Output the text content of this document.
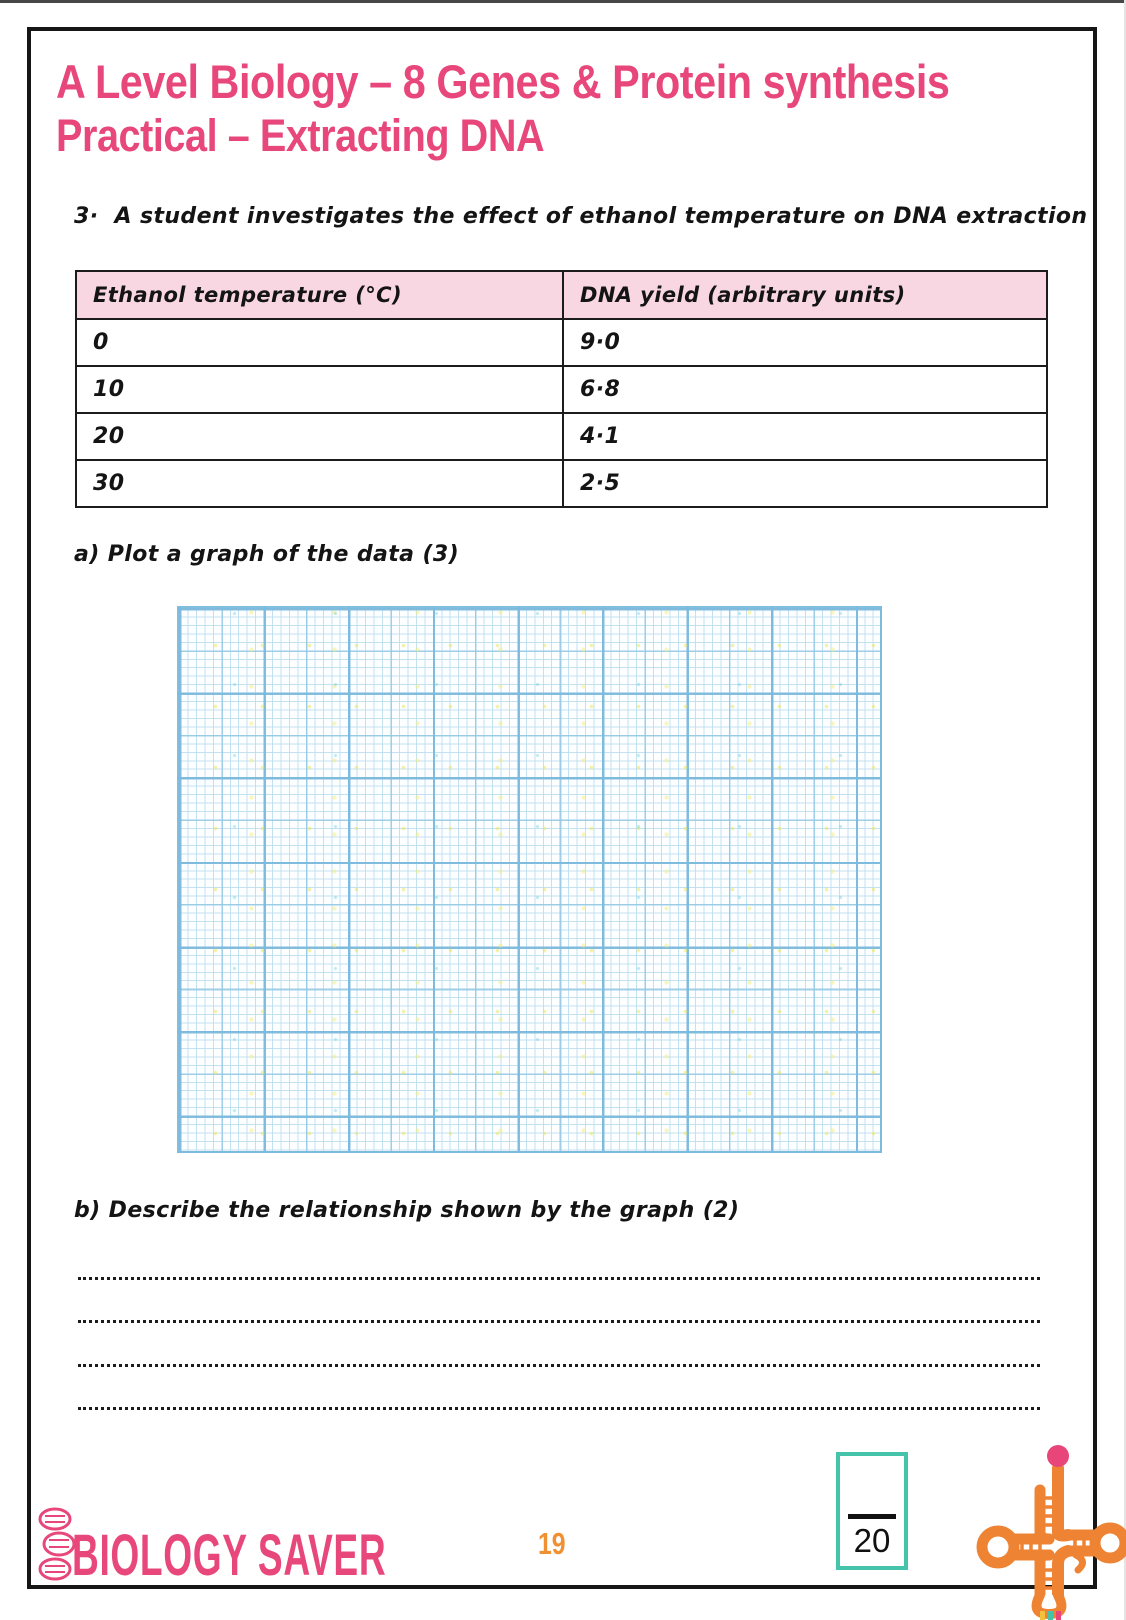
A Level Biology – 8 Genes & Protein synthesis
Practical – Extracting DNA

3· A student investigates the effect of ethanol temperature on DNA extraction

Ethanol temperature (°C)	DNA yield (arbitrary units)
0	9·0
10	6·8
20	4·1
30	2·5

a) Plot a graph of the data (3)

b) Describe the relationship shown by the graph (2)

20
19
BIOLOGY SAVER
